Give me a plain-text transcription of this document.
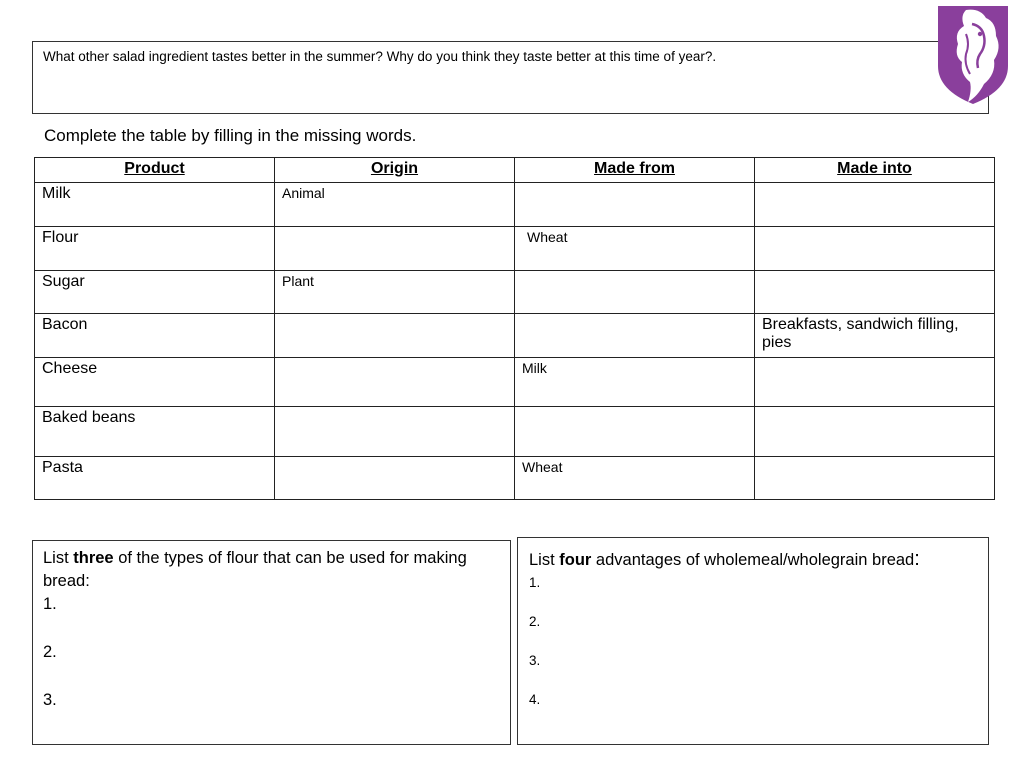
What other salad ingredient tastes better in the summer? Why do you think they taste better at this time of year?.
Complete the table by filling in the missing words.
Product	Origin	Made from	Made into
Milk	Animal		
Flour		Wheat	
Sugar	Plant		
Bacon			Breakfasts, sandwich filling, pies
Cheese		Milk	
Baked beans			
Pasta		Wheat	
List three of the types of flour that can be used for making bread:
1.
2.
3.
List four advantages of wholemeal/wholegrain bread:
1.
2.
3.
4.
